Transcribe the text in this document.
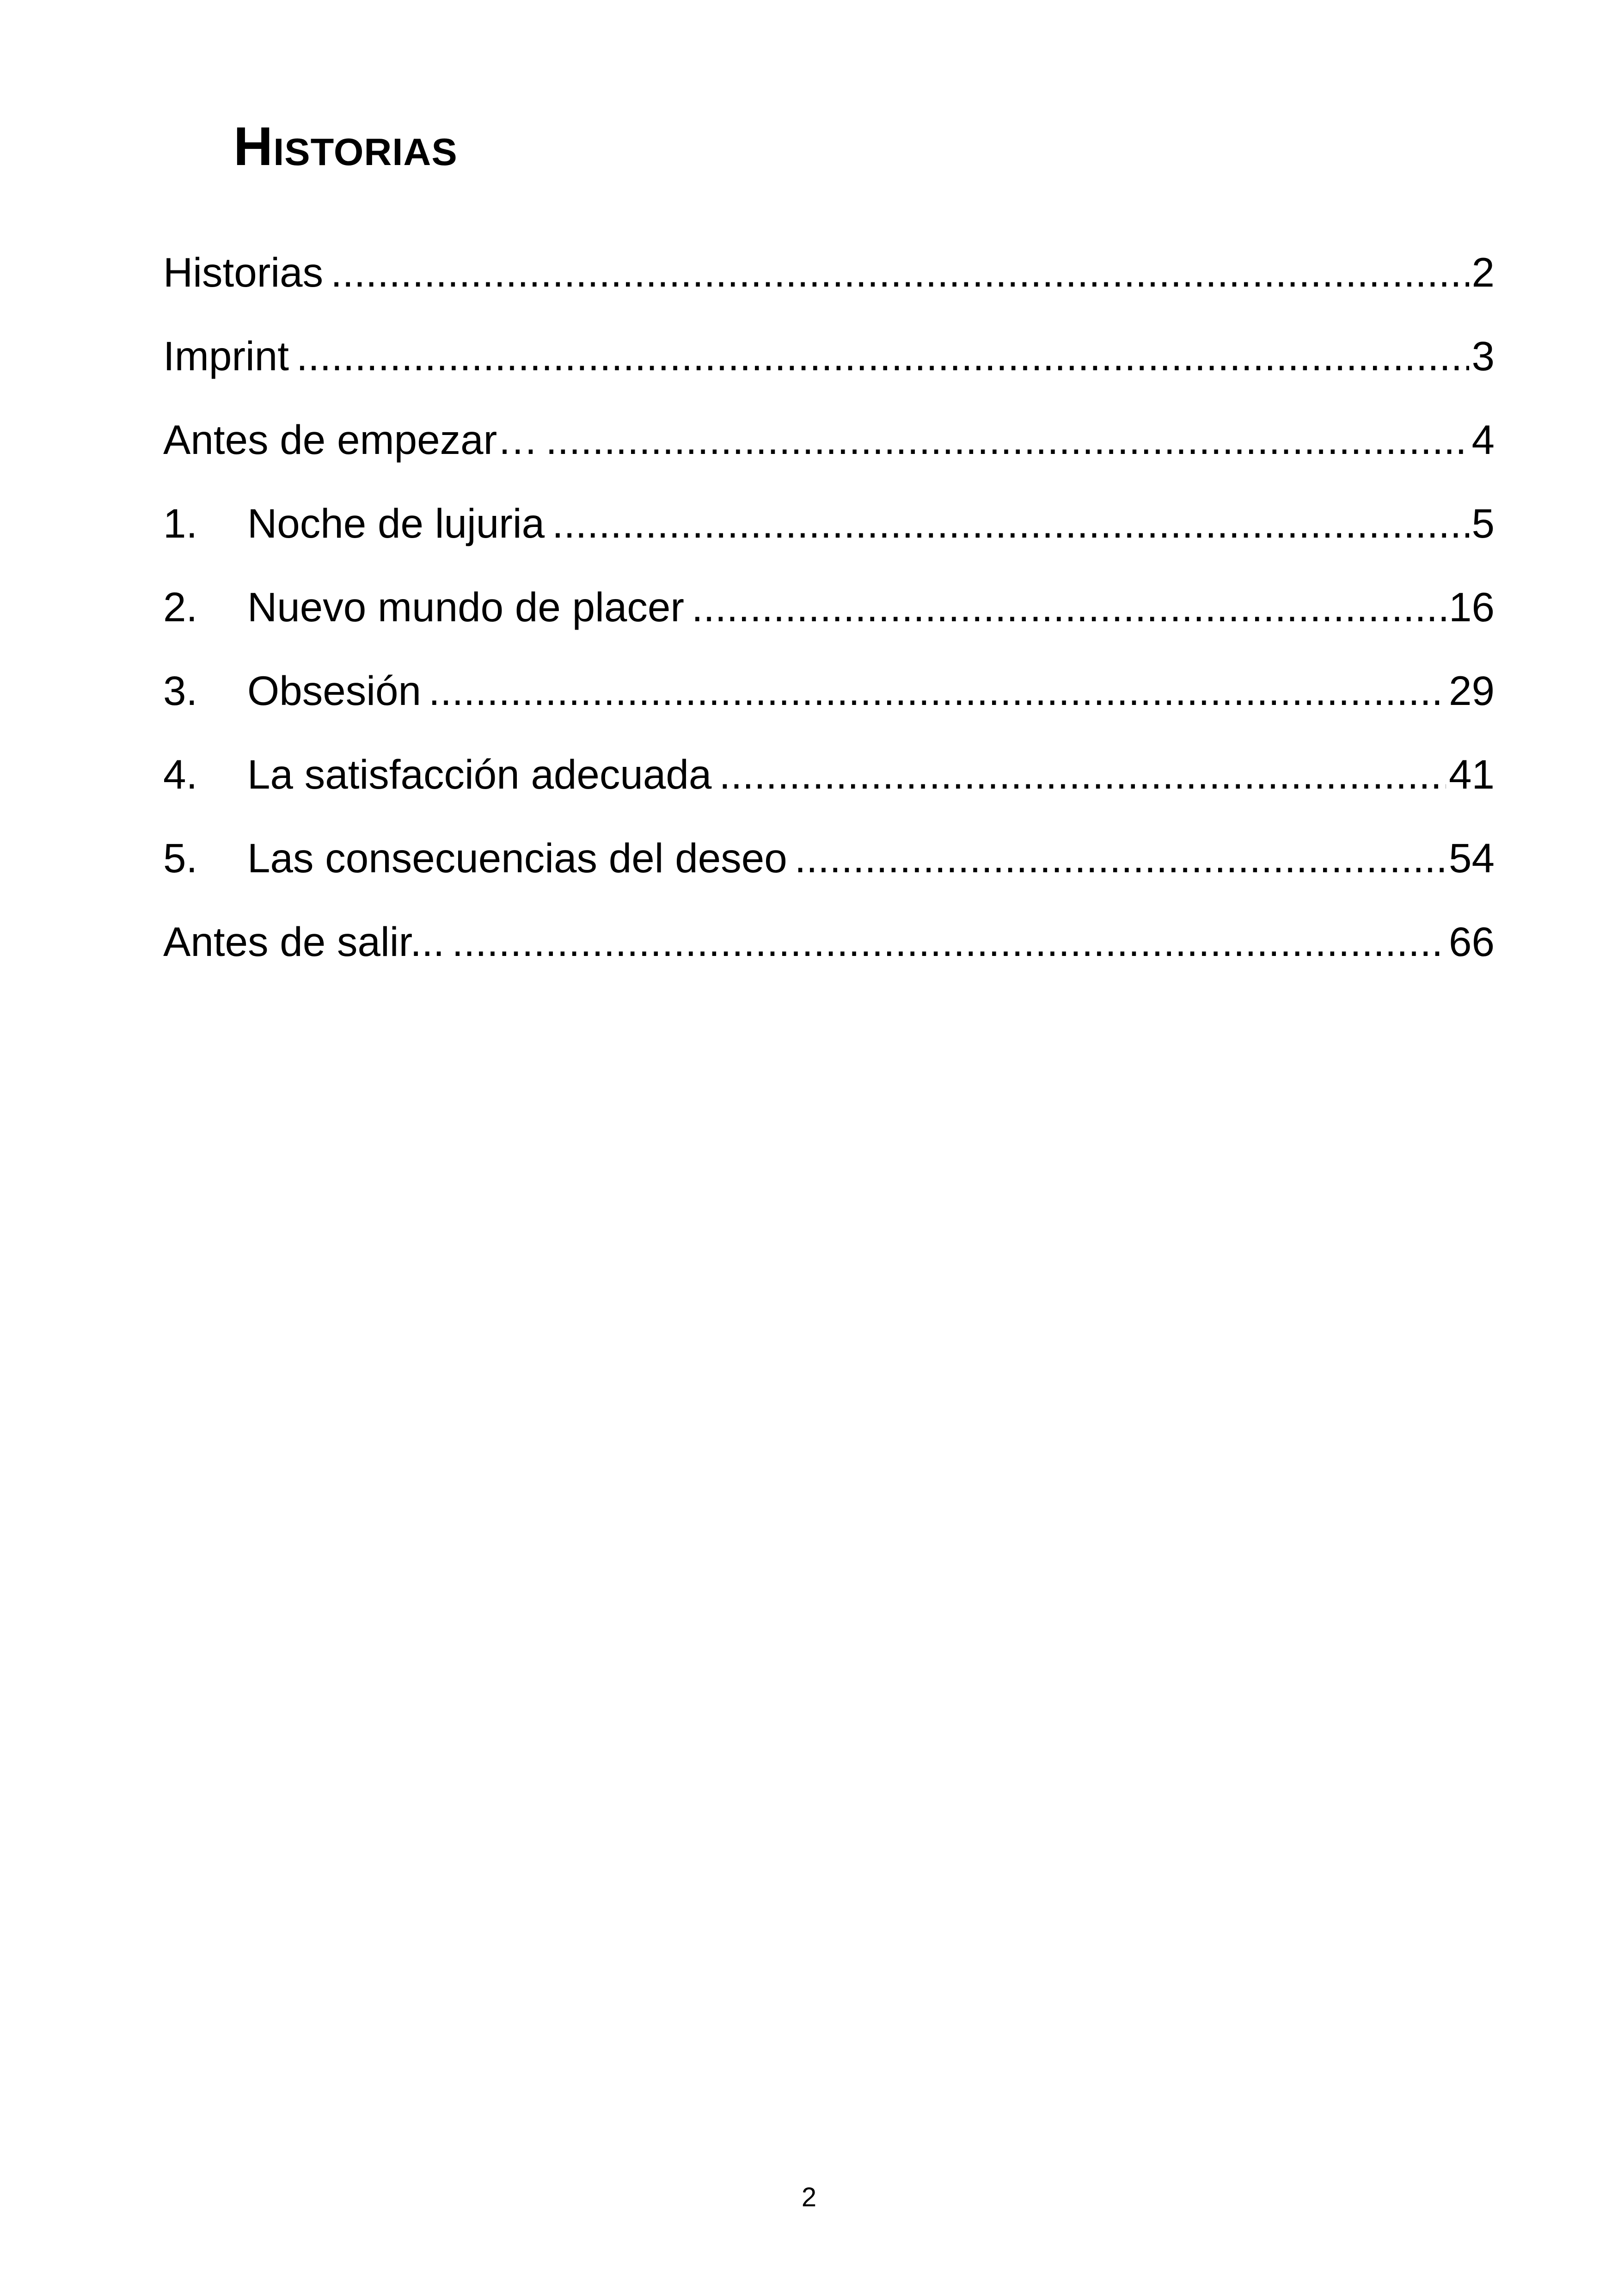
Historias
Historias .....	2
Imprint .....	3
Antes de empezar… .....	4
1.	Noche de lujuria .....	5
2.	Nuevo mundo de placer .....	16
3.	Obsesión .....	29
4.	La satisfacción adecuada .....	41
5.	Las consecuencias del deseo .....	54
Antes de salir... .....	66
2
